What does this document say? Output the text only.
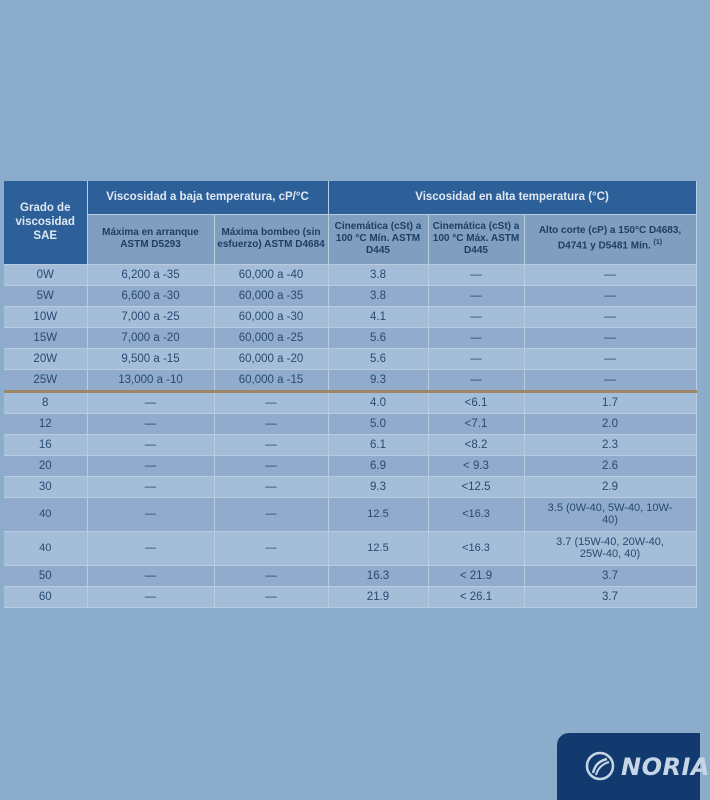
Grado de viscosidad SAE	Viscosidad a baja temperatura, cP/°C		Viscosidad en alta temperatura (°C)		
	Máxima en arranque ASTM D5293	Máxima bombeo (sin esfuerzo) ASTM D4684	Cinemática (cSt) a 100 °C Mín. ASTM D445	Cinemática (cSt) a 100 °C Máx. ASTM D445	Alto corte (cP) a 150°C D4683, D4741 y D5481 Mín. $^{(1)}$
0W	6,200 a -35	60,000 a -40	3.8	—	—
5W	6,600 a -30	60,000 a -35	3.8	—	—
10W	7,000 a -25	60,000 a -30	4.1	—	—
15W	7,000 a -20	60,000 a -25	5.6	—	—
20W	9,500 a -15	60,000 a -20	5.6	—	—
25W	13,000 a -10	60,000 a -15	9.3	—	—
8	—	—	4.0	<6.1	1.7
12	—	—	5.0	<7.1	2.0
16	—	—	6.1	<8.2	2.3
20	—	—	6.9	< 9.3	2.6
30	—	—	9.3	<12.5	2.9
40	—	—	12.5	<16.3	3.5 (0W-40, 5W-40, 10W-40)
40	—	—	12.5	<16.3	3.7 (15W-40, 20W-40, 25W-40, 40)
50	—	—	16.3	< 21.9	3.7
60	—	—	21.9	< 26.1	3.7
NORIA
